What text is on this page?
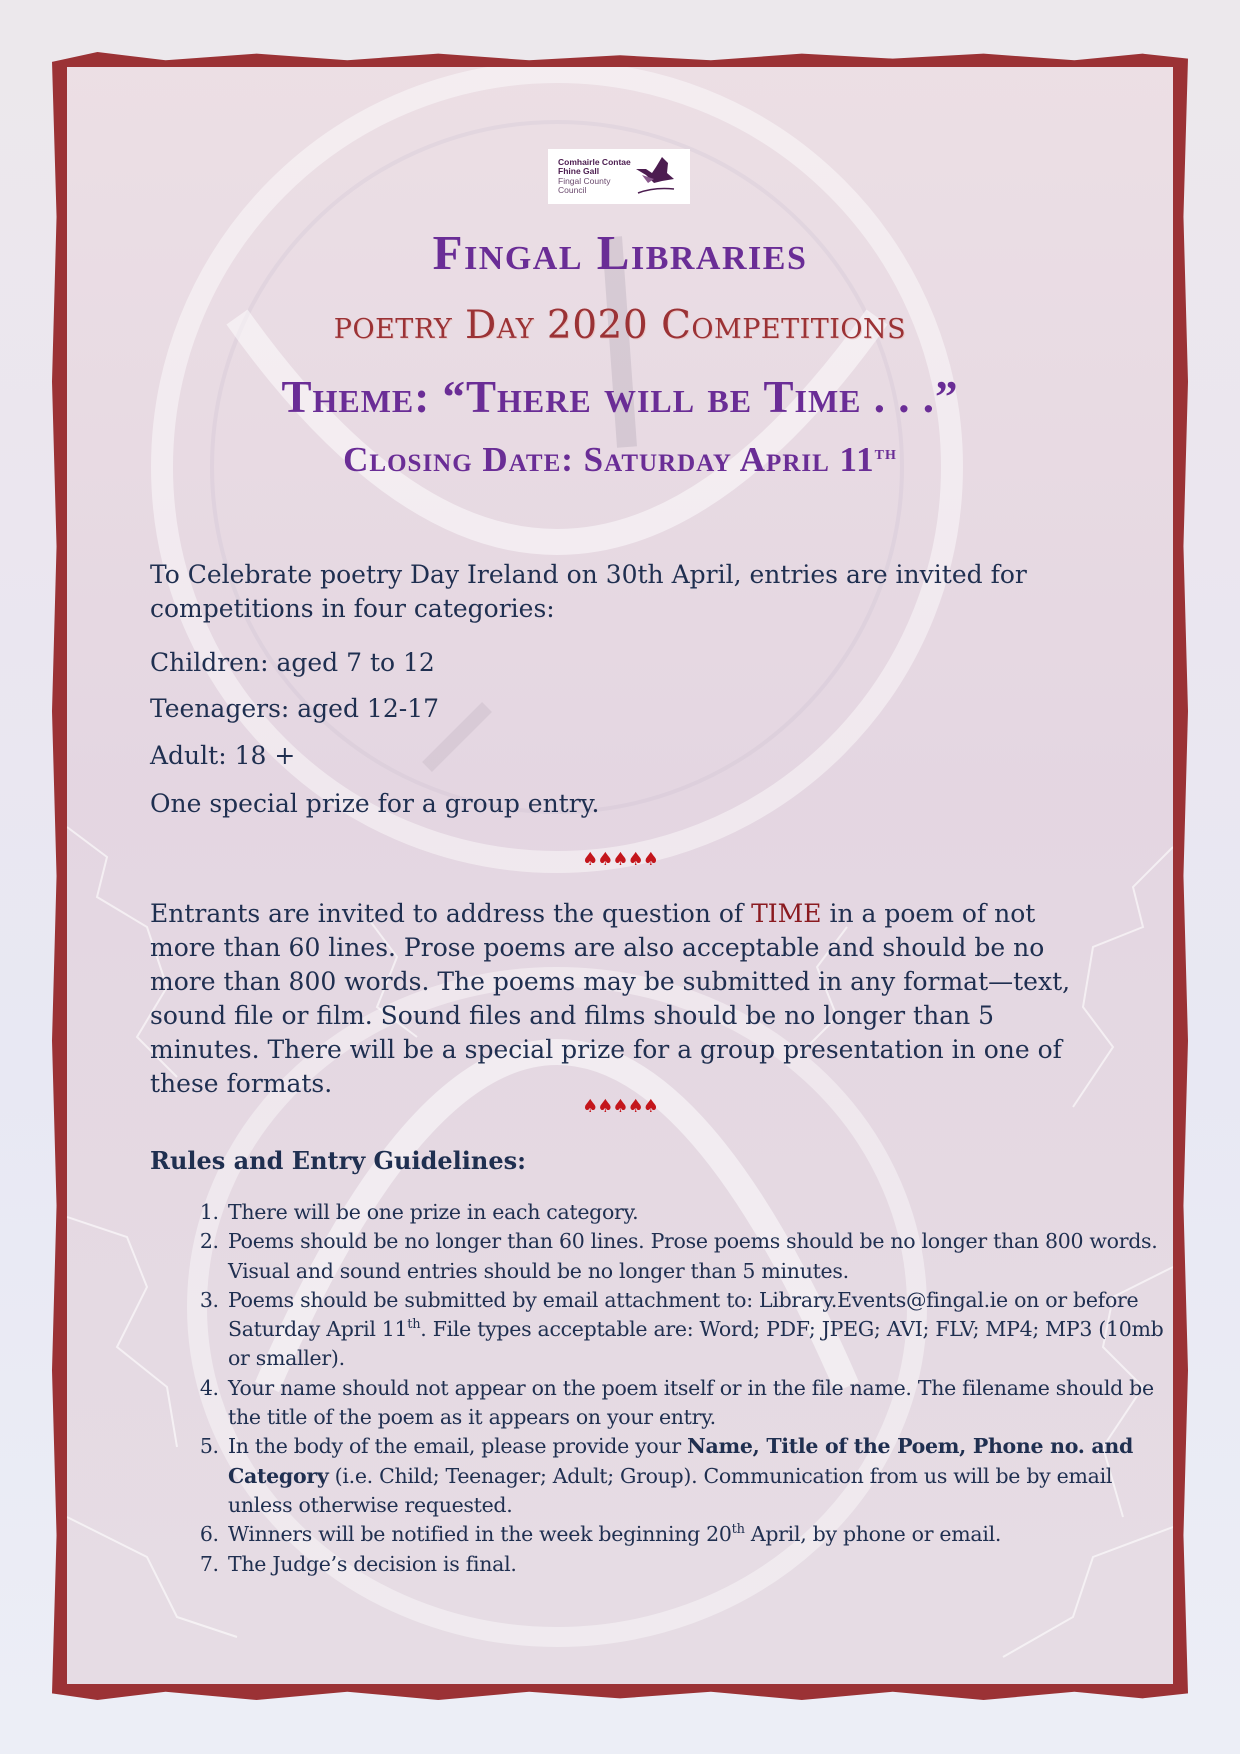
Comhairle Contae
Fhine Gall
Fingal County
Council
Fingal Libraries
poetry Day 2020 Competitions
Theme: “There will be Time . . .”
Closing Date: Saturday April 11th
To Celebrate poetry Day Ireland on 30th April, entries are invited for competitions in four categories:
Children: aged 7 to 12
Teenagers: aged 12-17
Adult: 18 +
One special prize for a group entry.
♠♠♠♠♠
Entrants are invited to address the question of TIME in a poem of not more than 60 lines. Prose poems are also acceptable and should be no more than 800 words. The poems may be submitted in any format—text, sound file or film. Sound files and films should be no longer than 5 minutes. There will be a special prize for a group presentation in one of these formats.
♠♠♠♠♠
Rules and Entry Guidelines:
1. There will be one prize in each category.
2. Poems should be no longer than 60 lines. Prose poems should be no longer than 800 words. Visual and sound entries should be no longer than 5 minutes.
3. Poems should be submitted by email attachment to: Library.Events@fingal.ie on or before Saturday April 11th. File types acceptable are: Word; PDF; JPEG; AVI; FLV; MP4; MP3 (10mb or smaller).
4. Your name should not appear on the poem itself or in the file name. The filename should be the title of the poem as it appears on your entry.
5. In the body of the email, please provide your Name, Title of the Poem, Phone no. and Category (i.e. Child; Teenager; Adult; Group). Communication from us will be by email unless otherwise requested.
6. Winners will be notified in the week beginning 20th April, by phone or email.
7. The Judge’s decision is final.
